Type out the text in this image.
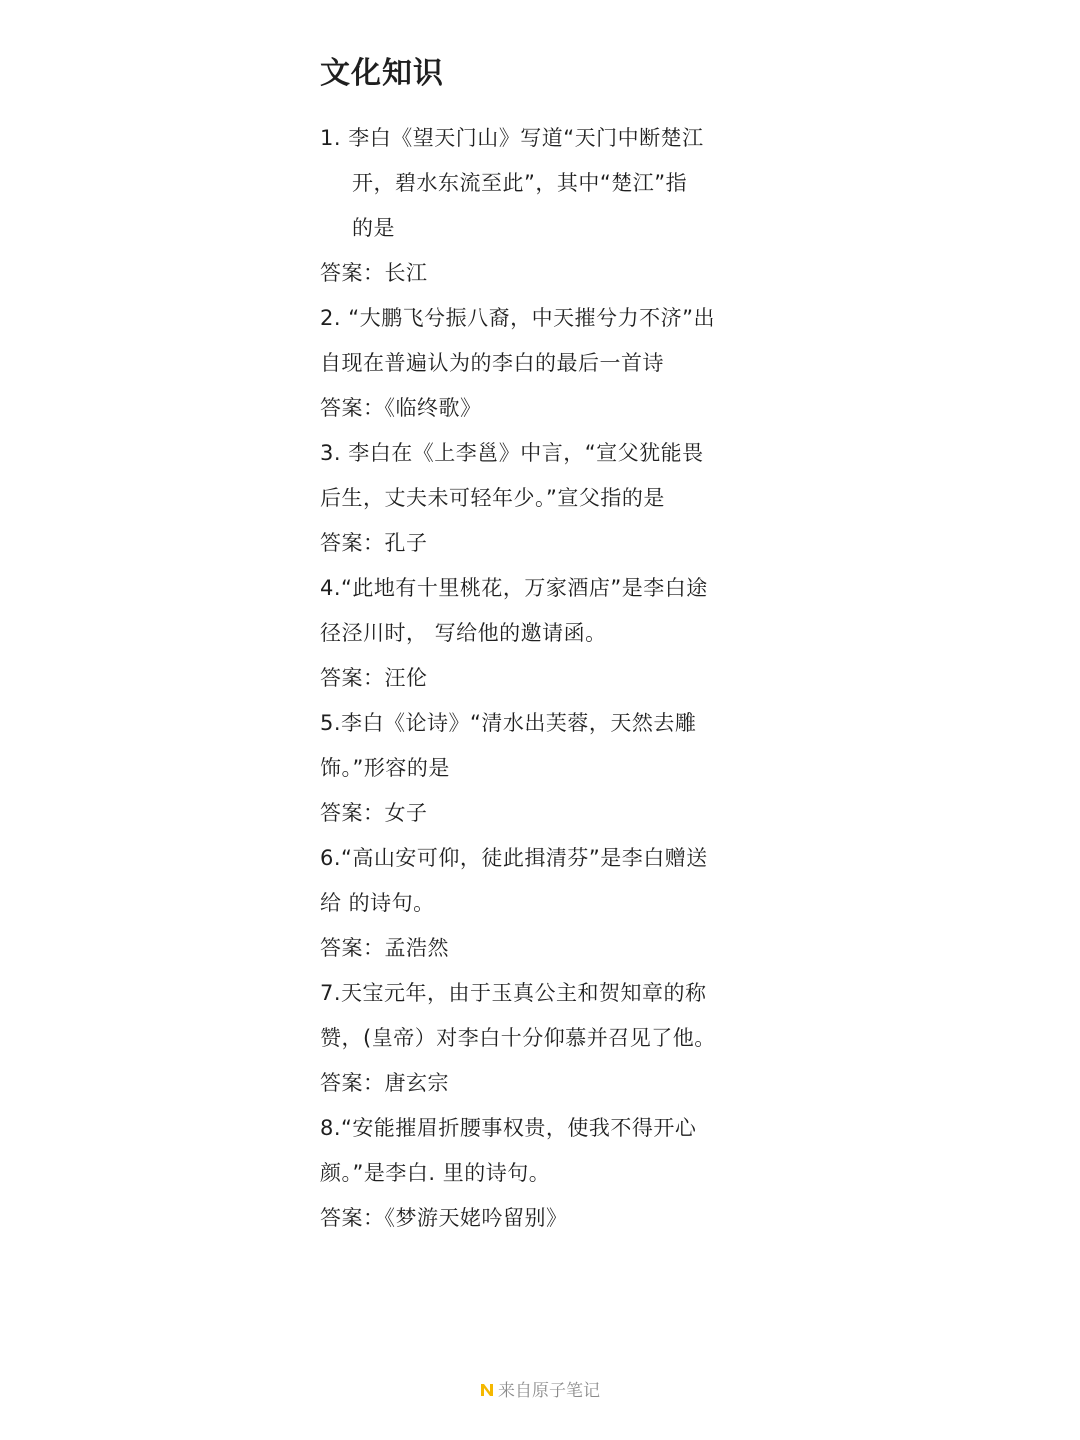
文化知识
1. 李白《望天门山》写道“天门中断楚江
开，碧水东流至此”，其中“楚江”指
的是
答案：长江
2. “大鹏飞兮振八裔，中天摧兮力不济”出
自现在普遍认为的李白的最后一首诗
答案：《临终歌》
3. 李白在《上李邕》中言，“宣父犹能畏
后生，丈夫未可轻年少。”宣父指的是
答案：孔子
4.“此地有十里桃花，万家酒店”是李白途
径泾川时， 写给他的邀请函。
答案：汪伦
5.李白《论诗》“清水出芙蓉，天然去雕
饰。”形容的是
答案：女子
6.“高山安可仰，徒此揖清芬”是李白赠送
给 的诗句。
答案：孟浩然
7.天宝元年，由于玉真公主和贺知章的称
赞，(皇帝）对李白十分仰慕并召见了他。
答案：唐玄宗
8.“安能摧眉折腰事权贵，使我不得开心
颜。”是李白. 里的诗句。
答案：《梦游天姥吟留别》
来自原子笔记
